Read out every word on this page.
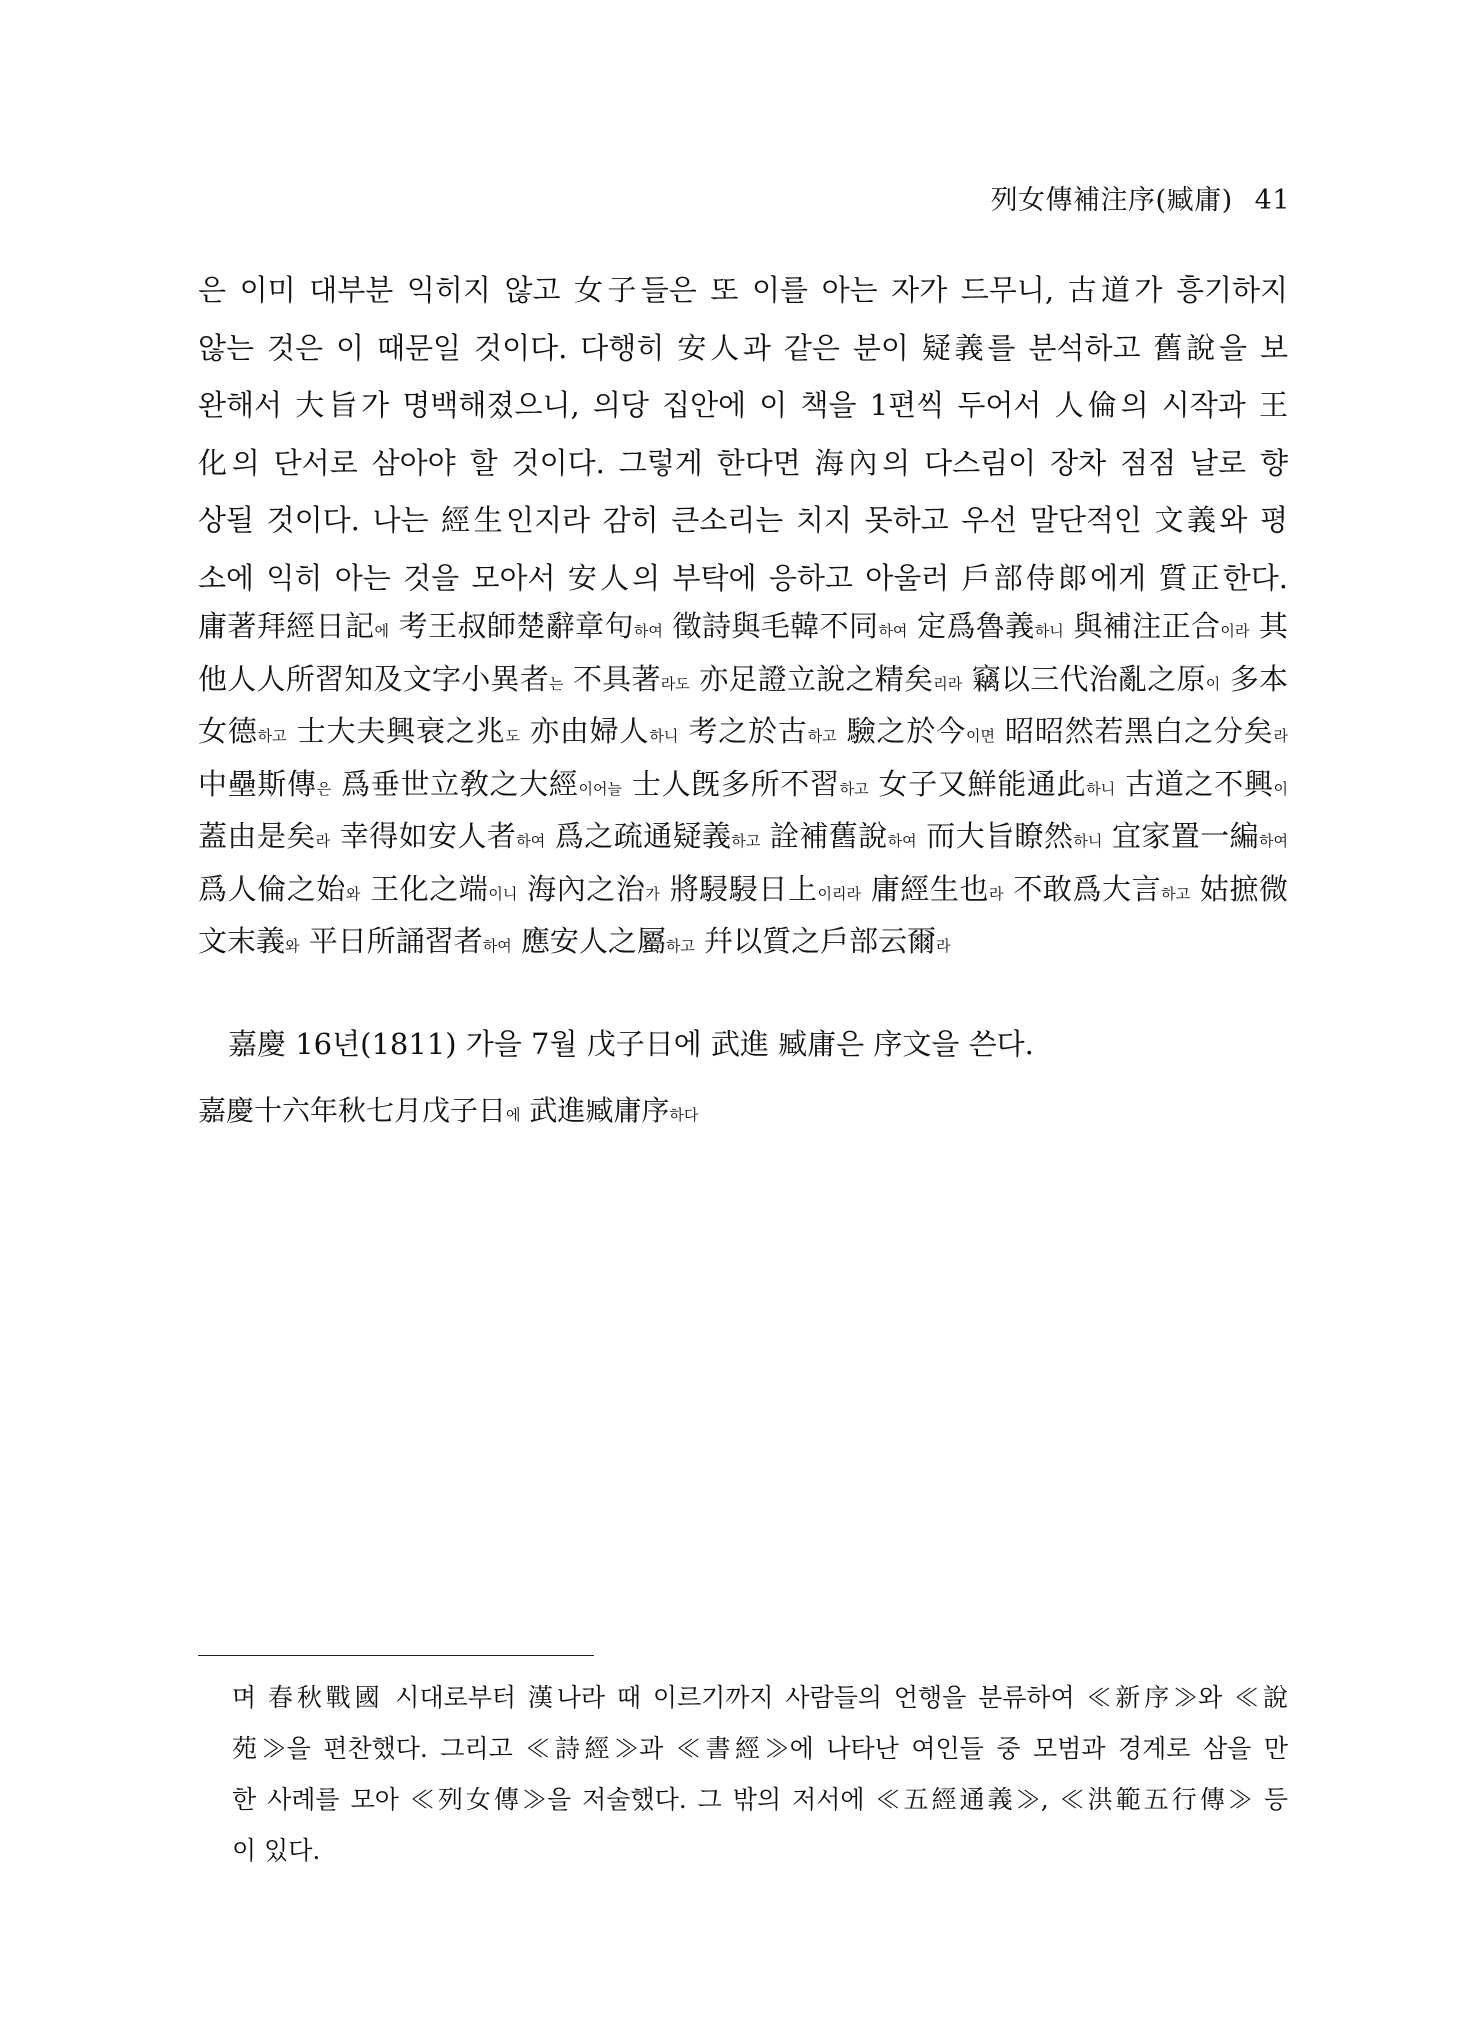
列女傳補注序(臧庸) 41
은 이미 대부분 익히지 않고 女子들은 또 이를 아는 자가 드무니, 古道가 흥기하지
않는 것은 이 때문일 것이다. 다행히 安人과 같은 분이 疑義를 분석하고 舊說을 보
완해서 大旨가 명백해졌으니, 의당 집안에 이 책을 1편씩 두어서 人倫의 시작과 王
化의 단서로 삼아야 할 것이다. 그렇게 한다면 海內의 다스림이 장차 점점 날로 향
상될 것이다. 나는 經生인지라 감히 큰소리는 치지 못하고 우선 말단적인 文義와 평
소에 익히 아는 것을 모아서 安人의 부탁에 응하고 아울러 戶部侍郞에게 質正한다.
庸著拜經日記에 考王叔師楚辭章句하여 徵詩與毛韓不同하여 定爲魯義하니 與補注正合이라 其
他人人所習知及文字小異者는 不具著라도 亦足證立說之精矣리라 竊以三代治亂之原이 多本
女德하고 士大夫興衰之兆도 亦由婦人하니 考之於古하고 驗之於今이면 昭昭然若黑白之分矣라
中壘斯傳은 爲垂世立敎之大經이어늘 士人旣多所不習하고 女子又鮮能通此하니 古道之不興이
蓋由是矣라 幸得如安人者하여 爲之疏通疑義하고 詮補舊說하여 而大旨瞭然하니 宜家置一編하여
爲人倫之始와 王化之端이니 海內之治가 將駸駸日上이리라 庸經生也라 不敢爲大言하고 姑摭微
文末義와 平日所誦習者하여 應安人之屬하고 幷以質之戶部云爾라
嘉慶 16년(1811) 가을 7월 戊子日에 武進 臧庸은 序文을 쓴다.
嘉慶十六年秋七月戊子日에 武進臧庸序하다
며 春秋戰國 시대로부터 漢나라 때 이르기까지 사람들의 언행을 분류하여 ≪新序≫와 ≪說
苑≫을 편찬했다. 그리고 ≪詩經≫과 ≪書經≫에 나타난 여인들 중 모범과 경계로 삼을 만
한 사례를 모아 ≪列女傳≫을 저술했다. 그 밖의 저서에 ≪五經通義≫, ≪洪範五行傳≫ 등
이 있다.
